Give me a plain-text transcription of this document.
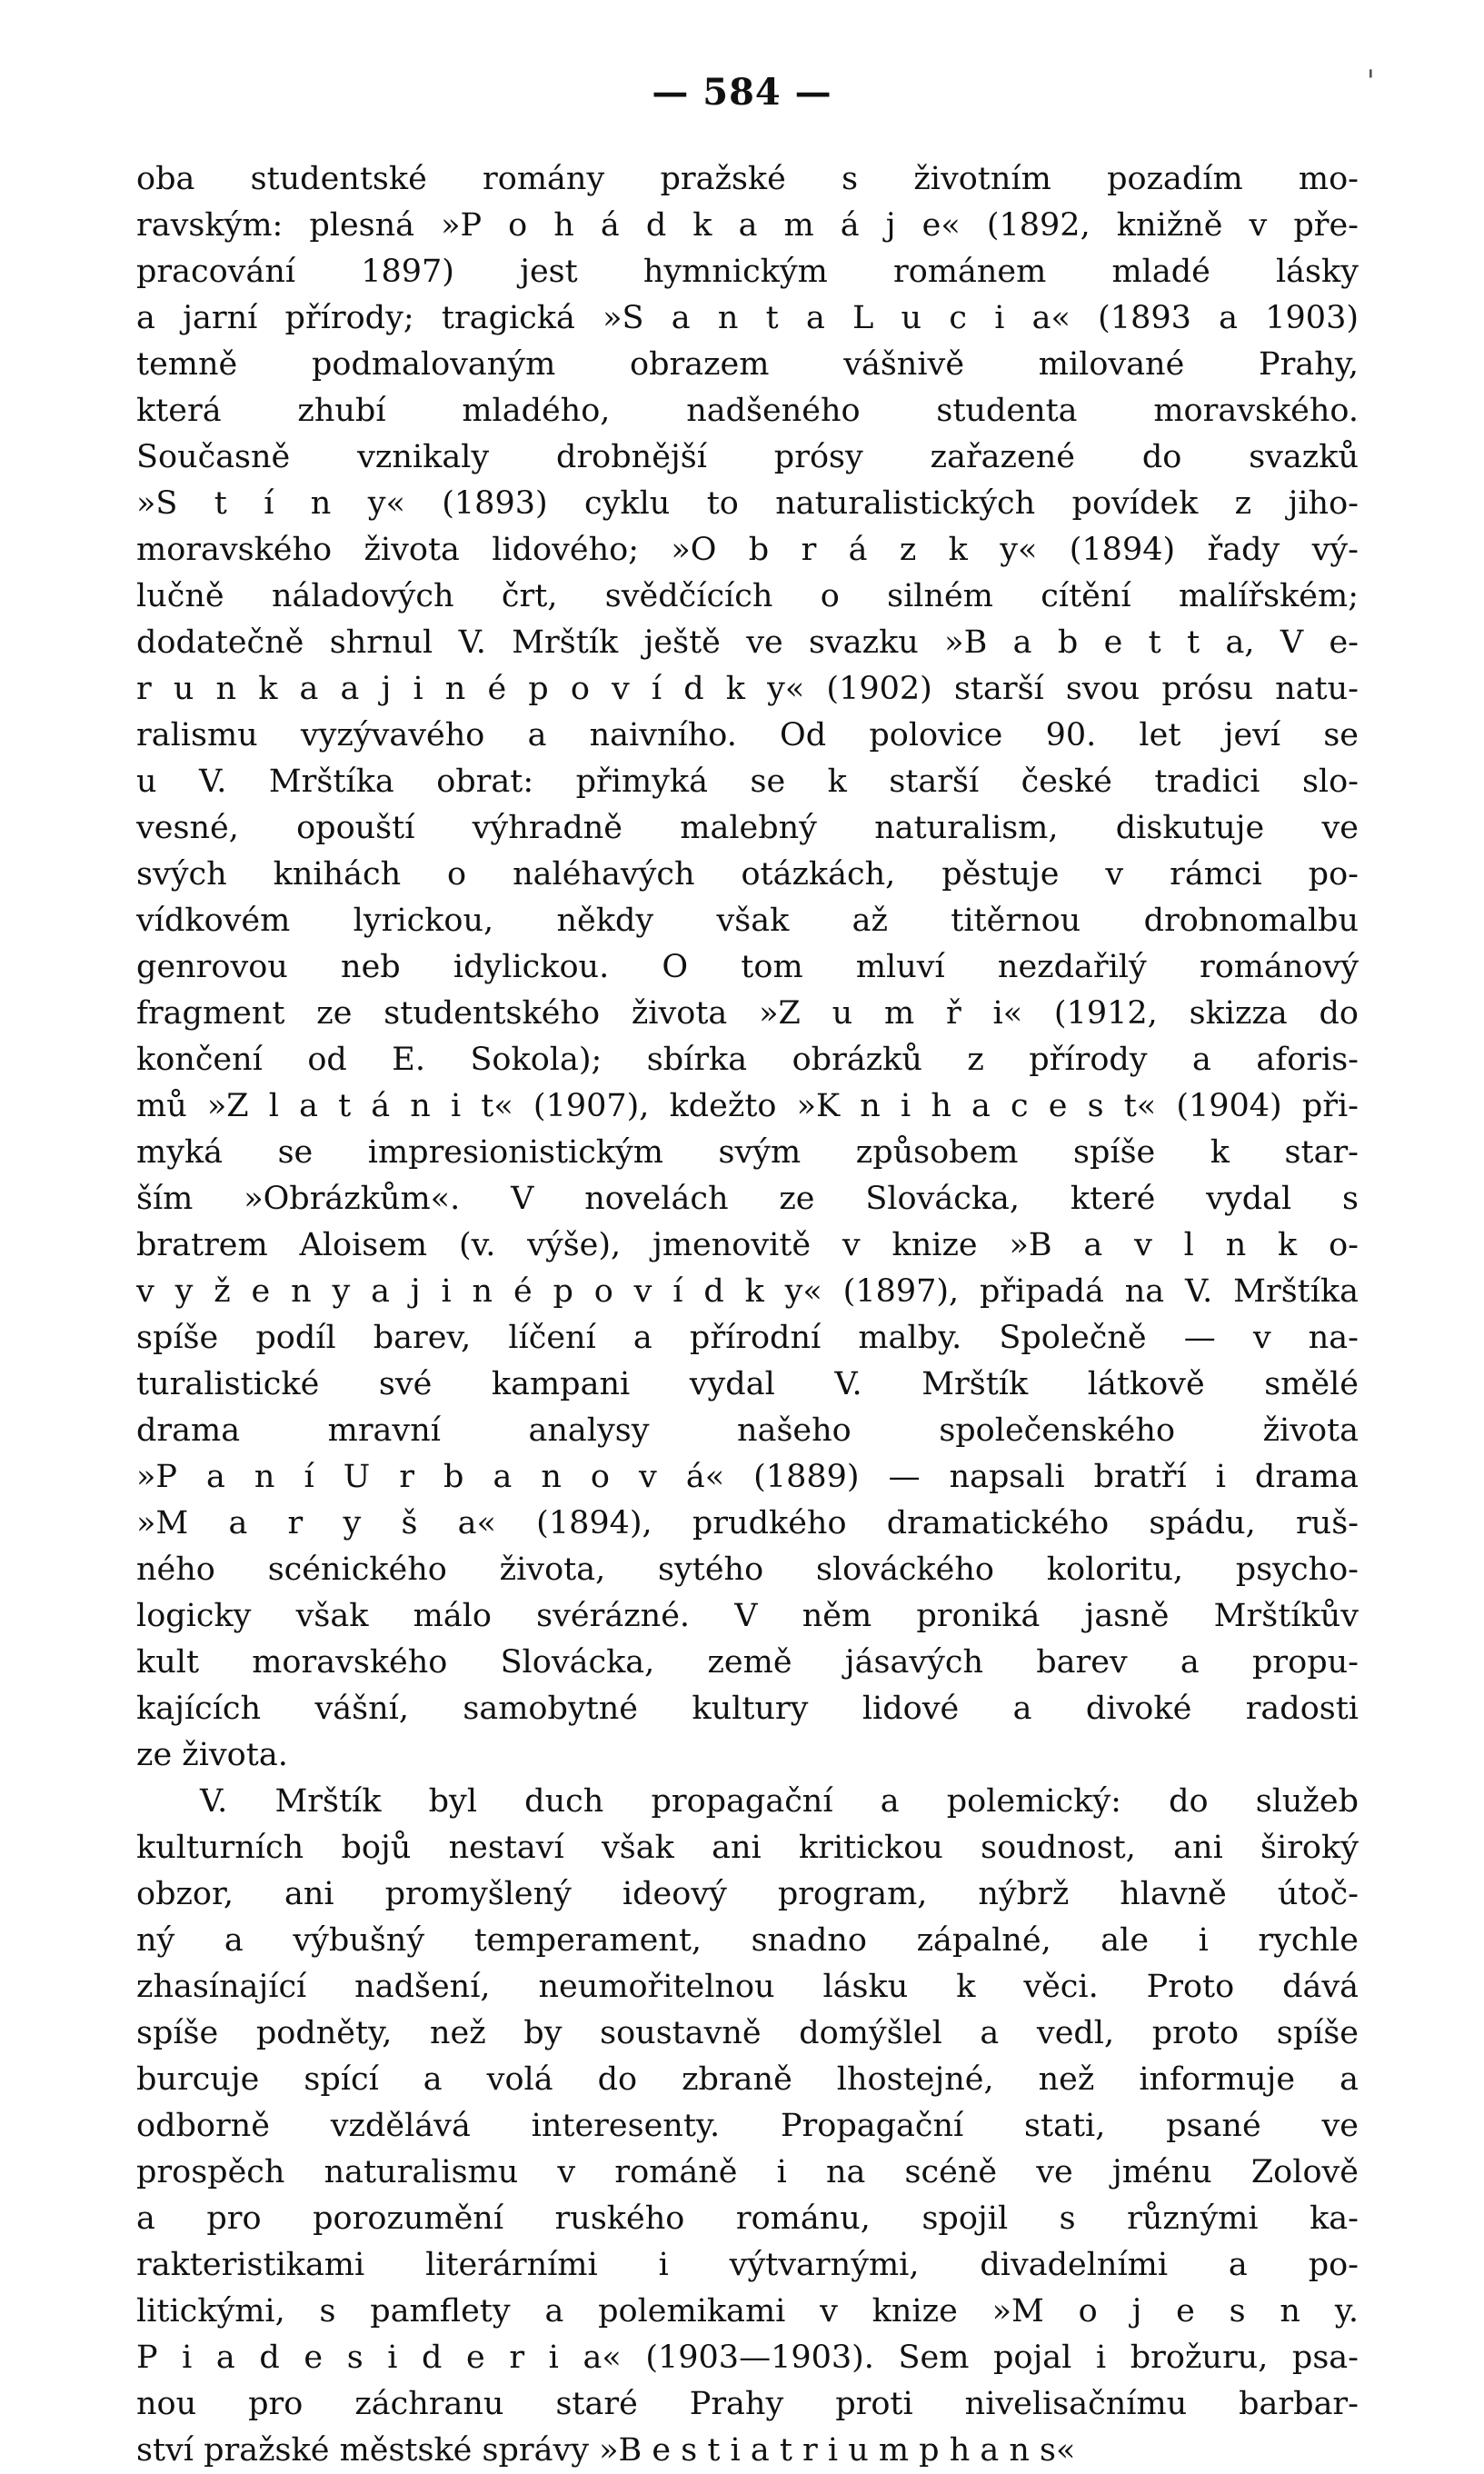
— 584 —	'
oba studentské romány pražské s životním pozadím mo-
ravským: plesná »P o h á d k a m á j e« (1892, knižně v pře-
pracování 1897) jest hymnickým románem mladé lásky
a jarní přírody; tragická »S a n t a L u c i a« (1893 a 1903)
temně podmalovaným obrazem vášnivě milované Prahy,
která zhubí mladého, nadšeného studenta moravského.
Současně vznikaly drobnější prósy zařazené do svazků
»S t í n y« (1893) cyklu to naturalistických povídek z jiho-
moravského života lidového; »O b r á z k y« (1894) řady vý-
lučně náladových črt, svědčících o silném cítění malířském;
dodatečně shrnul V. Mrštík ještě ve svazku »B a b e t t a, V e-
r u n k a a j i n é p o v í d k y« (1902) starší svou prósu natu-
ralismu vyzývavého a naivního. Od polovice 90. let jeví se
u V. Mrštíka obrat: přimyká se k starší české tradici slo-
vesné, opouští výhradně malebný naturalism, diskutuje ve
svých knihách o naléhavých otázkách, pěstuje v rámci po-
vídkovém lyrickou, někdy však až titěrnou drobnomalbu
genrovou neb idylickou. O tom mluví nezdařilý románový
fragment ze studentského života »Z u m ř i« (1912, skizza do
končení od E. Sokola); sbírka obrázků z přírody a aforis-
mů »Z l a t á n i t« (1907), kdežto »K n i h a c e s t« (1904) při-
myká se impresionistickým svým způsobem spíše k star-
ším »Obrázkům«. V novelách ze Slovácka, které vydal s
bratrem Aloisem (v. výše), jmenovitě v knize »B a v l n k o-
v y ž e n y a j i n é p o v í d k y« (1897), připadá na V. Mrštíka
spíše podíl barev, líčení a přírodní malby. Společně — v na-
turalistické své kampani vydal V. Mrštík látkově smělé
drama mravní analysy našeho společenského života
»P a n í U r b a n o v á« (1889) — napsali bratří i drama
»M a r y š a« (1894), prudkého dramatického spádu, ruš-
ného scénického života, sytého slováckého koloritu, psycho-
logicky však málo svérázné. V něm proniká jasně Mrštíkův
kult moravského Slovácka, země jásavých barev a propu-
kajících vášní, samobytné kultury lidové a divoké radosti
ze života.
V. Mrštík byl duch propagační a polemický: do služeb
kulturních bojů nestaví však ani kritickou soudnost, ani široký
obzor, ani promyšlený ideový program, nýbrž hlavně útoč-
ný a výbušný temperament, snadno zápalné, ale i rychle
zhasínající nadšení, neumořitelnou lásku k věci. Proto dává
spíše podněty, než by soustavně domýšlel a vedl, proto spíše
burcuje spící a volá do zbraně lhostejné, než informuje a
odborně vzdělává interesenty. Propagační stati, psané ve
prospěch naturalismu v románě i na scéně ve jménu Zolově
a pro porozumění ruského románu, spojil s různými ka-
rakteristikami literárními i výtvarnými, divadelními a po-
litickými, s pamflety a polemikami v knize »M o j e s n y.
P i a d e s i d e r i a« (1903—1903). Sem pojal i brožuru, psa-
nou pro záchranu staré Prahy proti nivelisačnímu barbar-
ství pražské městské správy »B e s t i a t r i u m p h a n s«
